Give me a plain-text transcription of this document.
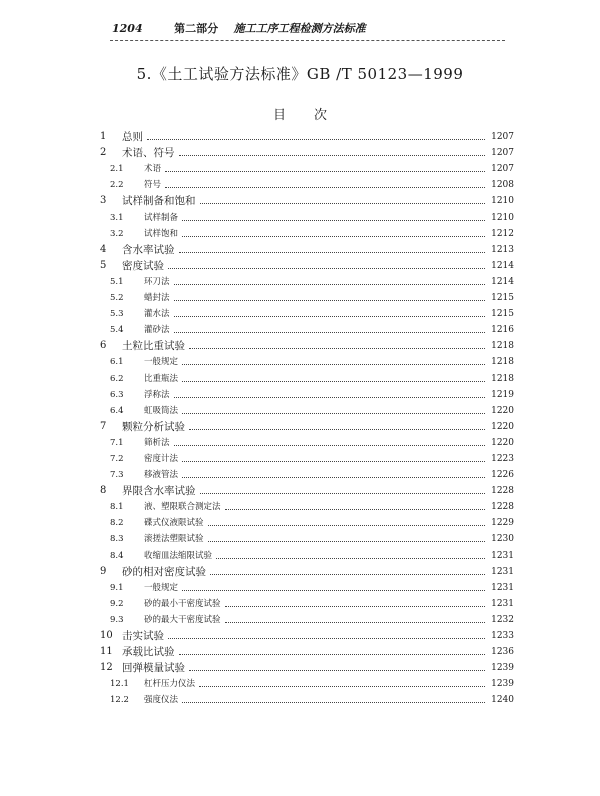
1204	第二部分 施工工序工程检测方法标准
5.《土工试验方法标准》GB /T 50123—1999
目次
1	总则	1207
2	术语、符号	1207
2.1	术语	1207
2.2	符号	1208
3	试样制备和饱和	1210
3.1	试样制备	1210
3.2	试样饱和	1212
4	含水率试验	1213
5	密度试验	1214
5.1	环刀法	1214
5.2	蜡封法	1215
5.3	灌水法	1215
5.4	灌砂法	1216
6	土粒比重试验	1218
6.1	一般规定	1218
6.2	比重瓶法	1218
6.3	浮称法	1219
6.4	虹吸筒法	1220
7	颗粒分析试验	1220
7.1	筛析法	1220
7.2	密度计法	1223
7.3	移液管法	1226
8	界限含水率试验	1228
8.1	液、塑限联合测定法	1228
8.2	碟式仪液限试验	1229
8.3	滚搓法塑限试验	1230
8.4	收缩皿法缩限试验	1231
9	砂的相对密度试验	1231
9.1	一般规定	1231
9.2	砂的最小干密度试验	1231
9.3	砂的最大干密度试验	1232
10 击实试验	1233
11 承载比试验	1236
12 回弹模量试验	1239
12.1	杠杆压力仪法	1239
12.2	强度仪法	1240
